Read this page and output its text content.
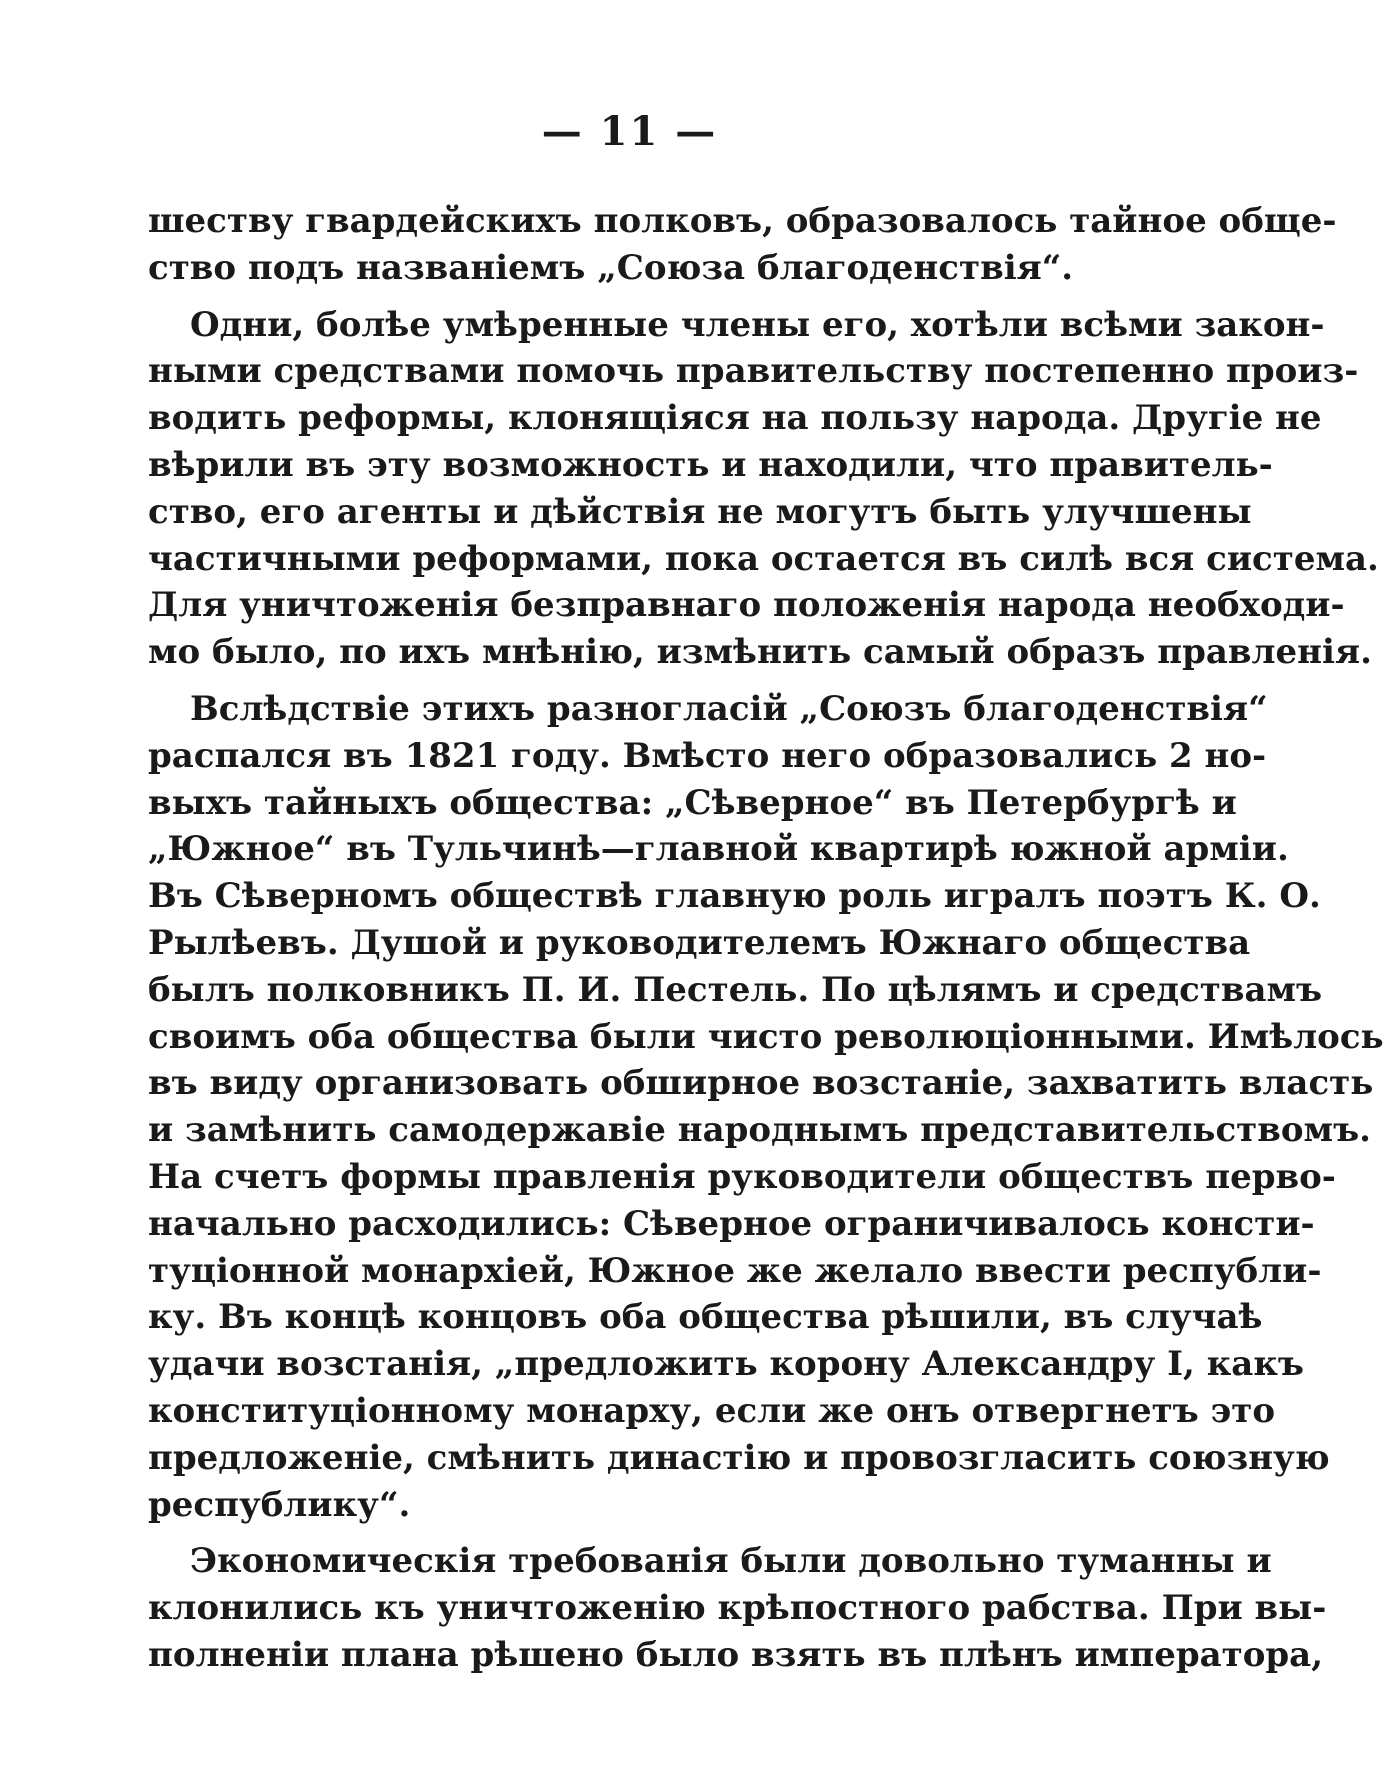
— 11 —
шеству гвардейскихъ полковъ, образовалось тайное обще-
ство подъ названіемъ „Союза благоденствія“.
Одни, болѣе умѣренные члены его, хотѣли всѣми закон-
ными средствами помочь правительству постепенно произ-
водить реформы, клонящіяся на пользу народа. Другіе не
вѣрили въ эту возможность и находили, что правитель-
ство, его агенты и дѣйствія не могутъ быть улучшены
частичными реформами, пока остается въ силѣ вся система.
Для уничтоженія безправнаго положенія народа необходи-
мо было, по ихъ мнѣнію, измѣнить самый образъ правленія.
Вслѣдствіе этихъ разногласій „Союзъ благоденствія“
распался въ 1821 году. Вмѣсто него образовались 2 но-
выхъ тайныхъ общества: „Сѣверное“ въ Петербургѣ и
„Южное“ въ Тульчинѣ—главной квартирѣ южной арміи.
Въ Сѣверномъ обществѣ главную роль игралъ поэтъ К. О.
Рылѣевъ. Душой и руководителемъ Южнаго общества
былъ полковникъ П. И. Пестель. По цѣлямъ и средствамъ
своимъ оба общества были чисто революціонными. Имѣлось
въ виду организовать обширное возстаніе, захватить власть
и замѣнить самодержавіе народнымъ представительствомъ.
На счетъ формы правленія руководители обществъ перво-
начально расходились: Сѣверное ограничивалось консти-
туціонной монархіей, Южное же желало ввести республи-
ку. Въ концѣ концовъ оба общества рѣшили, въ случаѣ
удачи возстанія, „предложить корону Александру I, какъ
конституціонному монарху, если же онъ отвергнетъ это
предложеніе, смѣнить династію и провозгласить союзную
республику“.
Экономическія требованія были довольно туманны и
клонились къ уничтоженію крѣпостного рабства. При вы-
полненіи плана рѣшено было взять въ плѣнъ императора,
